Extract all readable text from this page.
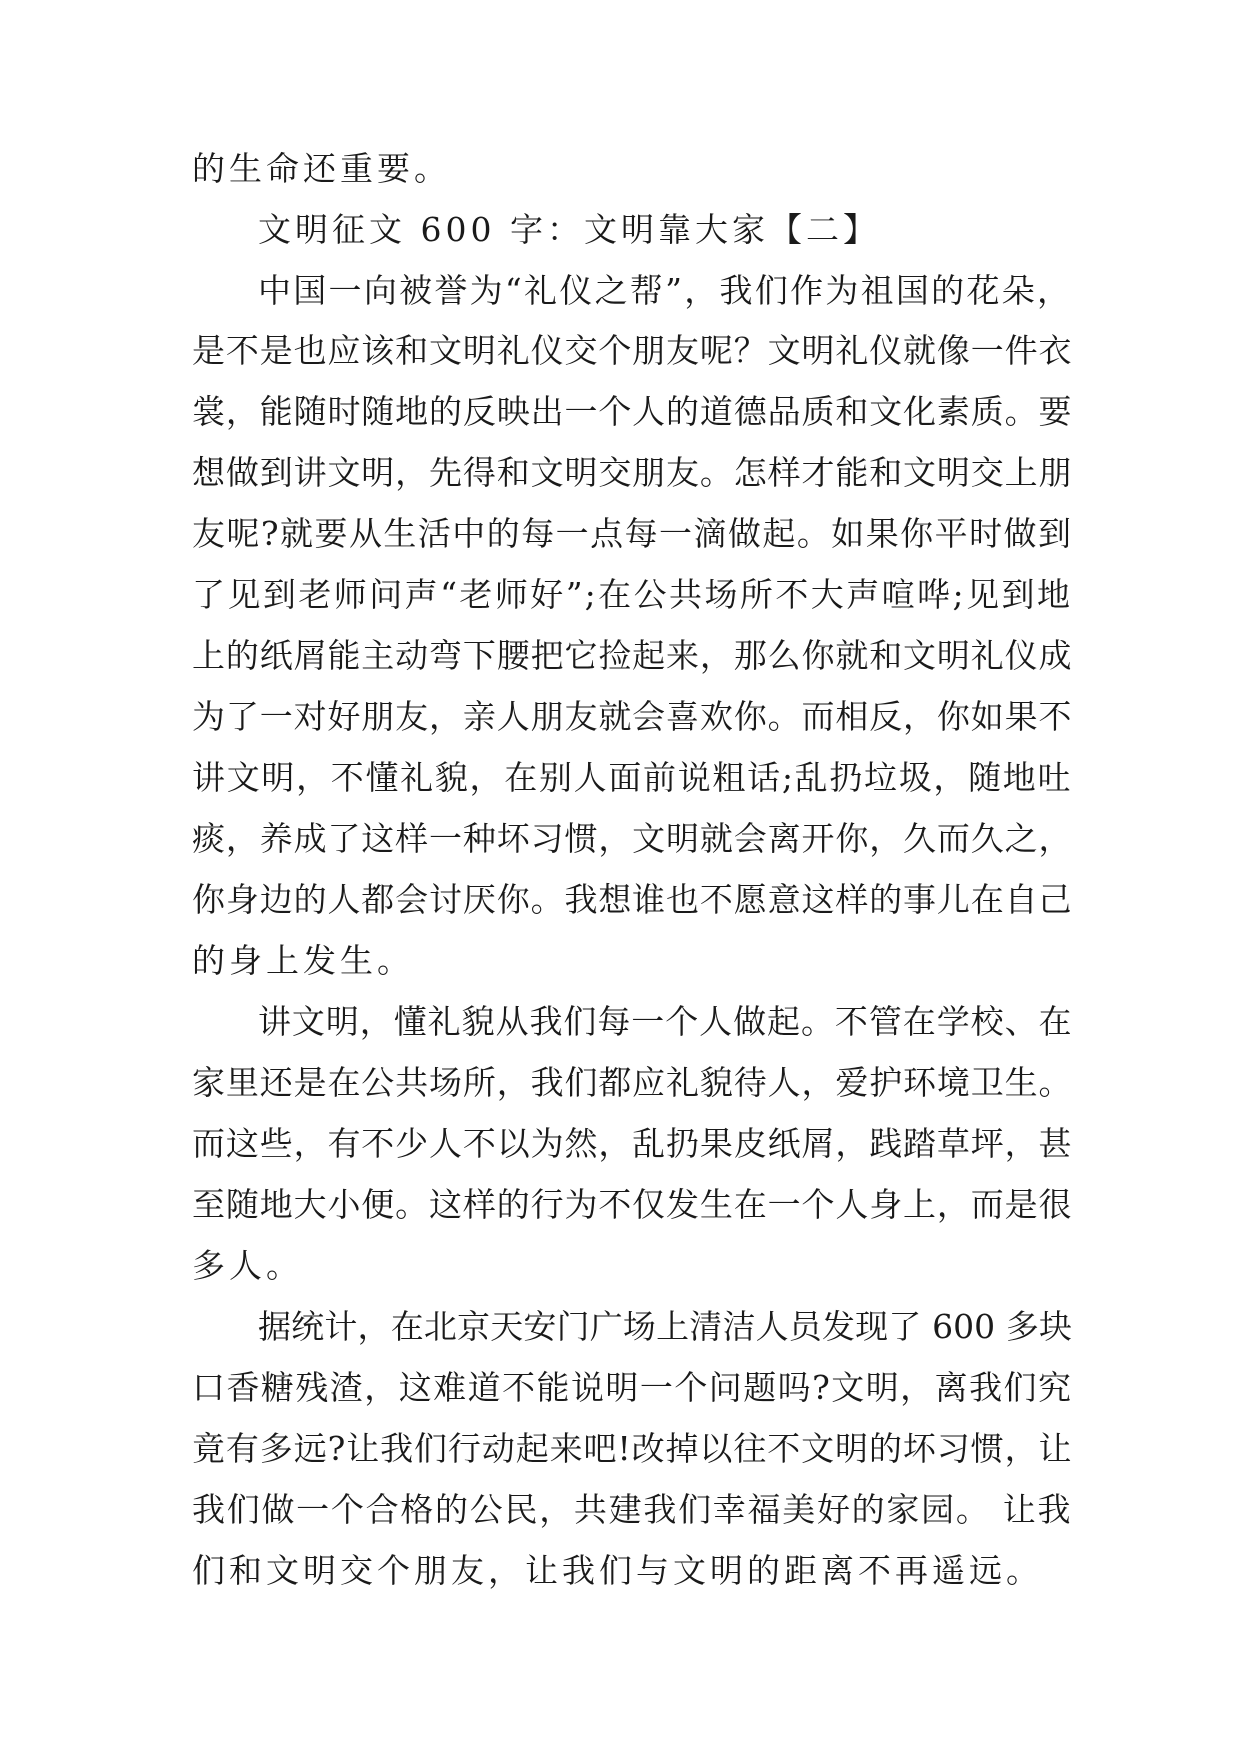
的生命还重要。
文明征文 600 字：文明靠大家【二】
中国一向被誉为“礼仪之帮”，我们作为祖国的花朵，
是不是也应该和文明礼仪交个朋友呢？文明礼仪就像一件衣
裳，能随时随地的反映出一个人的道德品质和文化素质。要
想做到讲文明，先得和文明交朋友。怎样才能和文明交上朋
友呢?就要从生活中的每一点每一滴做起。如果你平时做到
了见到老师问声“老师好”;在公共场所不大声喧哗;见到地
上的纸屑能主动弯下腰把它捡起来，那么你就和文明礼仪成
为了一对好朋友，亲人朋友就会喜欢你。而相反，你如果不
讲文明，不懂礼貌，在别人面前说粗话;乱扔垃圾，随地吐
痰，养成了这样一种坏习惯，文明就会离开你，久而久之，
你身边的人都会讨厌你。我想谁也不愿意这样的事儿在自己
的身上发生。
讲文明，懂礼貌从我们每一个人做起。不管在学校、在
家里还是在公共场所，我们都应礼貌待人，爱护环境卫生。
而这些，有不少人不以为然，乱扔果皮纸屑，践踏草坪，甚
至随地大小便。这样的行为不仅发生在一个人身上，而是很
多人。
据统计，在北京天安门广场上清洁人员发现了 600 多块
口香糖残渣，这难道不能说明一个问题吗?文明，离我们究
竟有多远?让我们行动起来吧!改掉以往不文明的坏习惯，让
我们做一个合格的公民，共建我们幸福美好的家园。 让我
们和文明交个朋友，让我们与文明的距离不再遥远。
